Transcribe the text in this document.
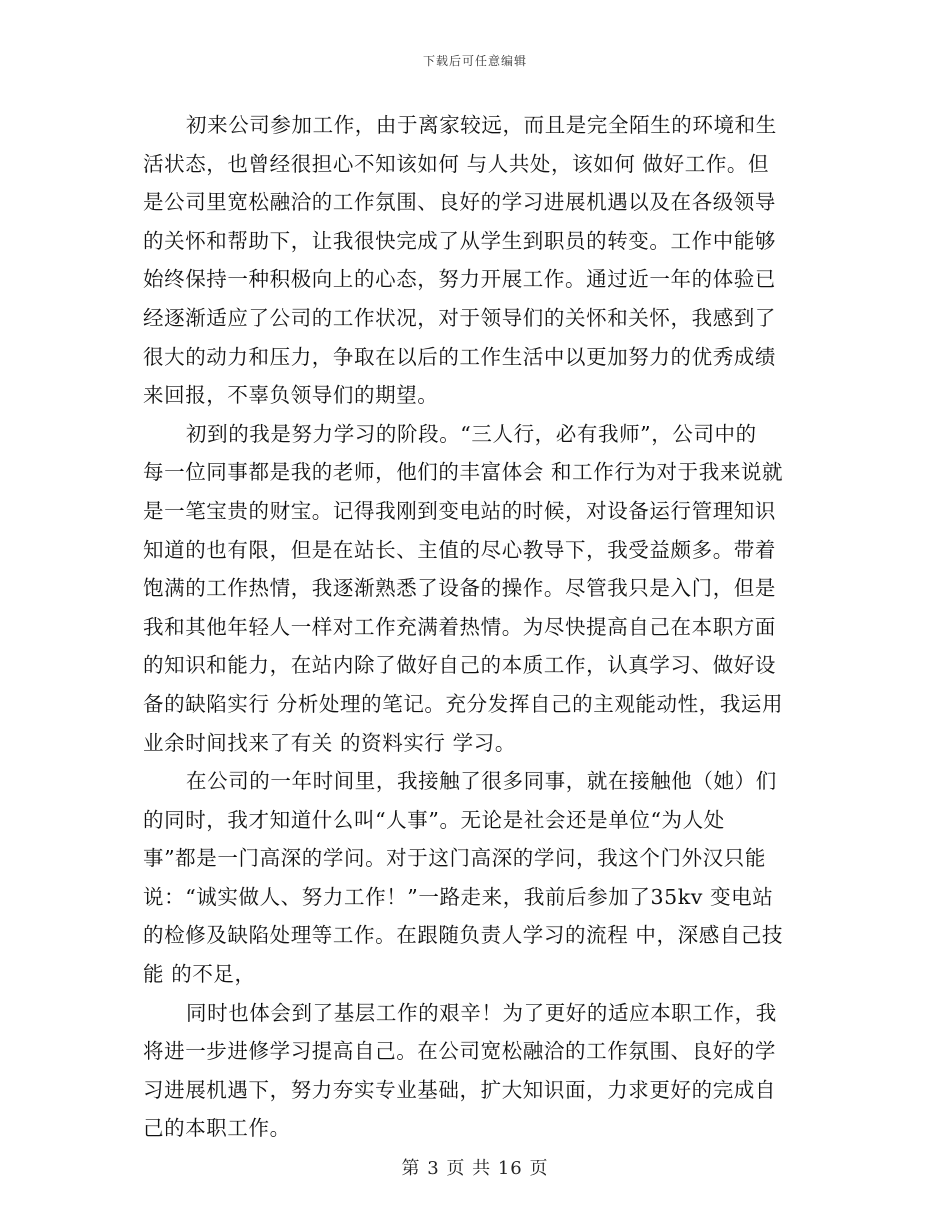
下载后可任意编辑
初来公司参加工作，由于离家较远，而且是完全陌生的环境和生
活状态，也曾经很担心不知该如何 与人共处，该如何 做好工作。但
是公司里宽松融洽的工作氛围、良好的学习进展机遇以及在各级领导
的关怀和帮助下，让我很快完成了从学生到职员的转变。工作中能够
始终保持一种积极向上的心态，努力开展工作。通过近一年的体验已
经逐渐适应了公司的工作状况，对于领导们的关怀和关怀，我感到了
很大的动力和压力，争取在以后的工作生活中以更加努力的优秀成绩
来回报，不辜负领导们的期望。
初到的我是努力学习的阶段。“三人行，必有我师”，公司中的
每一位同事都是我的老师，他们的丰富体会 和工作行为对于我来说就
是一笔宝贵的财宝。记得我刚到变电站的时候，对设备运行管理知识
知道的也有限，但是在站长、主值的尽心教导下，我受益颇多。带着
饱满的工作热情，我逐渐熟悉了设备的操作。尽管我只是入门，但是
我和其他年轻人一样对工作充满着热情。为尽快提高自己在本职方面
的知识和能力，在站内除了做好自己的本质工作，认真学习、做好设
备的缺陷实行 分析处理的笔记。充分发挥自己的主观能动性，我运用
业余时间找来了有关 的资料实行 学习。
在公司的一年时间里，我接触了很多同事，就在接触他（她）们
的同时，我才知道什么叫“人事”。无论是社会还是单位“为人处
事”都是一门高深的学问。对于这门高深的学问，我这个门外汉只能
说：“诚实做人、努力工作！”一路走来，我前后参加了35kv 变电站
的检修及缺陷处理等工作。在跟随负责人学习的流程 中，深感自己技
能 的不足，
同时也体会到了基层工作的艰辛！为了更好的适应本职工作，我
将进一步进修学习提高自己。在公司宽松融洽的工作氛围、良好的学
习进展机遇下，努力夯实专业基础，扩大知识面，力求更好的完成自
己的本职工作。
第 3 页 共 16 页
